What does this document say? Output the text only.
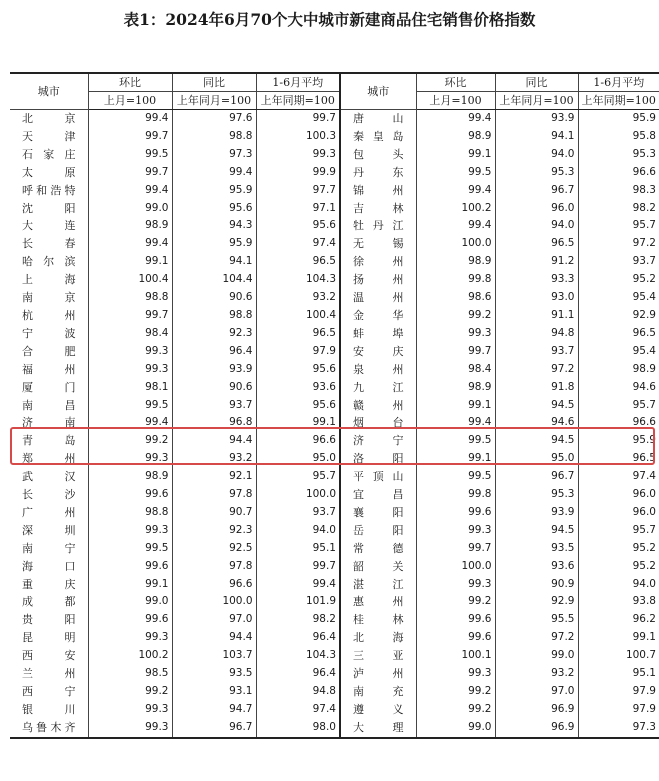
表1：2024年6月70个大中城市新建商品住宅销售价格指数
城市	环比	同比	1-6月平均	城市	环比	同比	1-6月平均
	上月=100	上年同月=100	上年同期=100		上月=100	上年同月=100	上年同期=100
北京	99.4	97.6	99.7	唐山	99.4	93.9	95.9
天津	99.7	98.8	100.3	秦皇岛	98.9	94.1	95.8
石家庄	99.5	97.3	99.3	包头	99.1	94.0	95.3
太原	99.7	99.4	99.9	丹东	99.5	95.3	96.6
呼和浩特	99.4	95.9	97.7	锦州	99.4	96.7	98.3
沈阳	99.0	95.6	97.1	吉林	100.2	96.0	98.2
大连	98.9	94.3	95.6	牡丹江	99.4	94.0	95.7
长春	99.4	95.9	97.4	无锡	100.0	96.5	97.2
哈尔滨	99.1	94.1	96.5	徐州	98.9	91.2	93.7
上海	100.4	104.4	104.3	扬州	99.8	93.3	95.2
南京	98.8	90.6	93.2	温州	98.6	93.0	95.4
杭州	99.7	98.8	100.4	金华	99.2	91.1	92.9
宁波	98.4	92.3	96.5	蚌埠	99.3	94.8	96.5
合肥	99.3	96.4	97.9	安庆	99.7	93.7	95.4
福州	99.3	93.9	95.6	泉州	98.4	97.2	98.9
厦门	98.1	90.6	93.6	九江	98.9	91.8	94.6
南昌	99.5	93.7	95.6	赣州	99.1	94.5	95.7
济南	99.4	96.8	99.1	烟台	99.4	94.6	96.6
青岛	99.2	94.4	96.6	济宁	99.5	94.5	95.9
郑州	99.3	93.2	95.0	洛阳	99.1	95.0	96.5
武汉	98.9	92.1	95.7	平顶山	99.5	96.7	97.4
长沙	99.6	97.8	100.0	宜昌	99.8	95.3	96.0
广州	98.8	90.7	93.7	襄阳	99.6	93.9	96.0
深圳	99.3	92.3	94.0	岳阳	99.3	94.5	95.7
南宁	99.5	92.5	95.1	常德	99.7	93.5	95.2
海口	99.6	97.8	99.7	韶关	100.0	93.6	95.2
重庆	99.1	96.6	99.4	湛江	99.3	90.9	94.0
成都	99.0	100.0	101.9	惠州	99.2	92.9	93.8
贵阳	99.6	97.0	98.2	桂林	99.6	95.5	96.2
昆明	99.3	94.4	96.4	北海	99.6	97.2	99.1
西安	100.2	103.7	104.3	三亚	100.1	99.0	100.7
兰州	98.5	93.5	96.4	泸州	99.3	93.2	95.1
西宁	99.2	93.1	94.8	南充	99.2	97.0	97.9
银川	99.3	94.7	97.4	遵义	99.2	96.9	97.9
乌鲁木齐	99.3	96.7	98.0	大理	99.0	96.9	97.3
